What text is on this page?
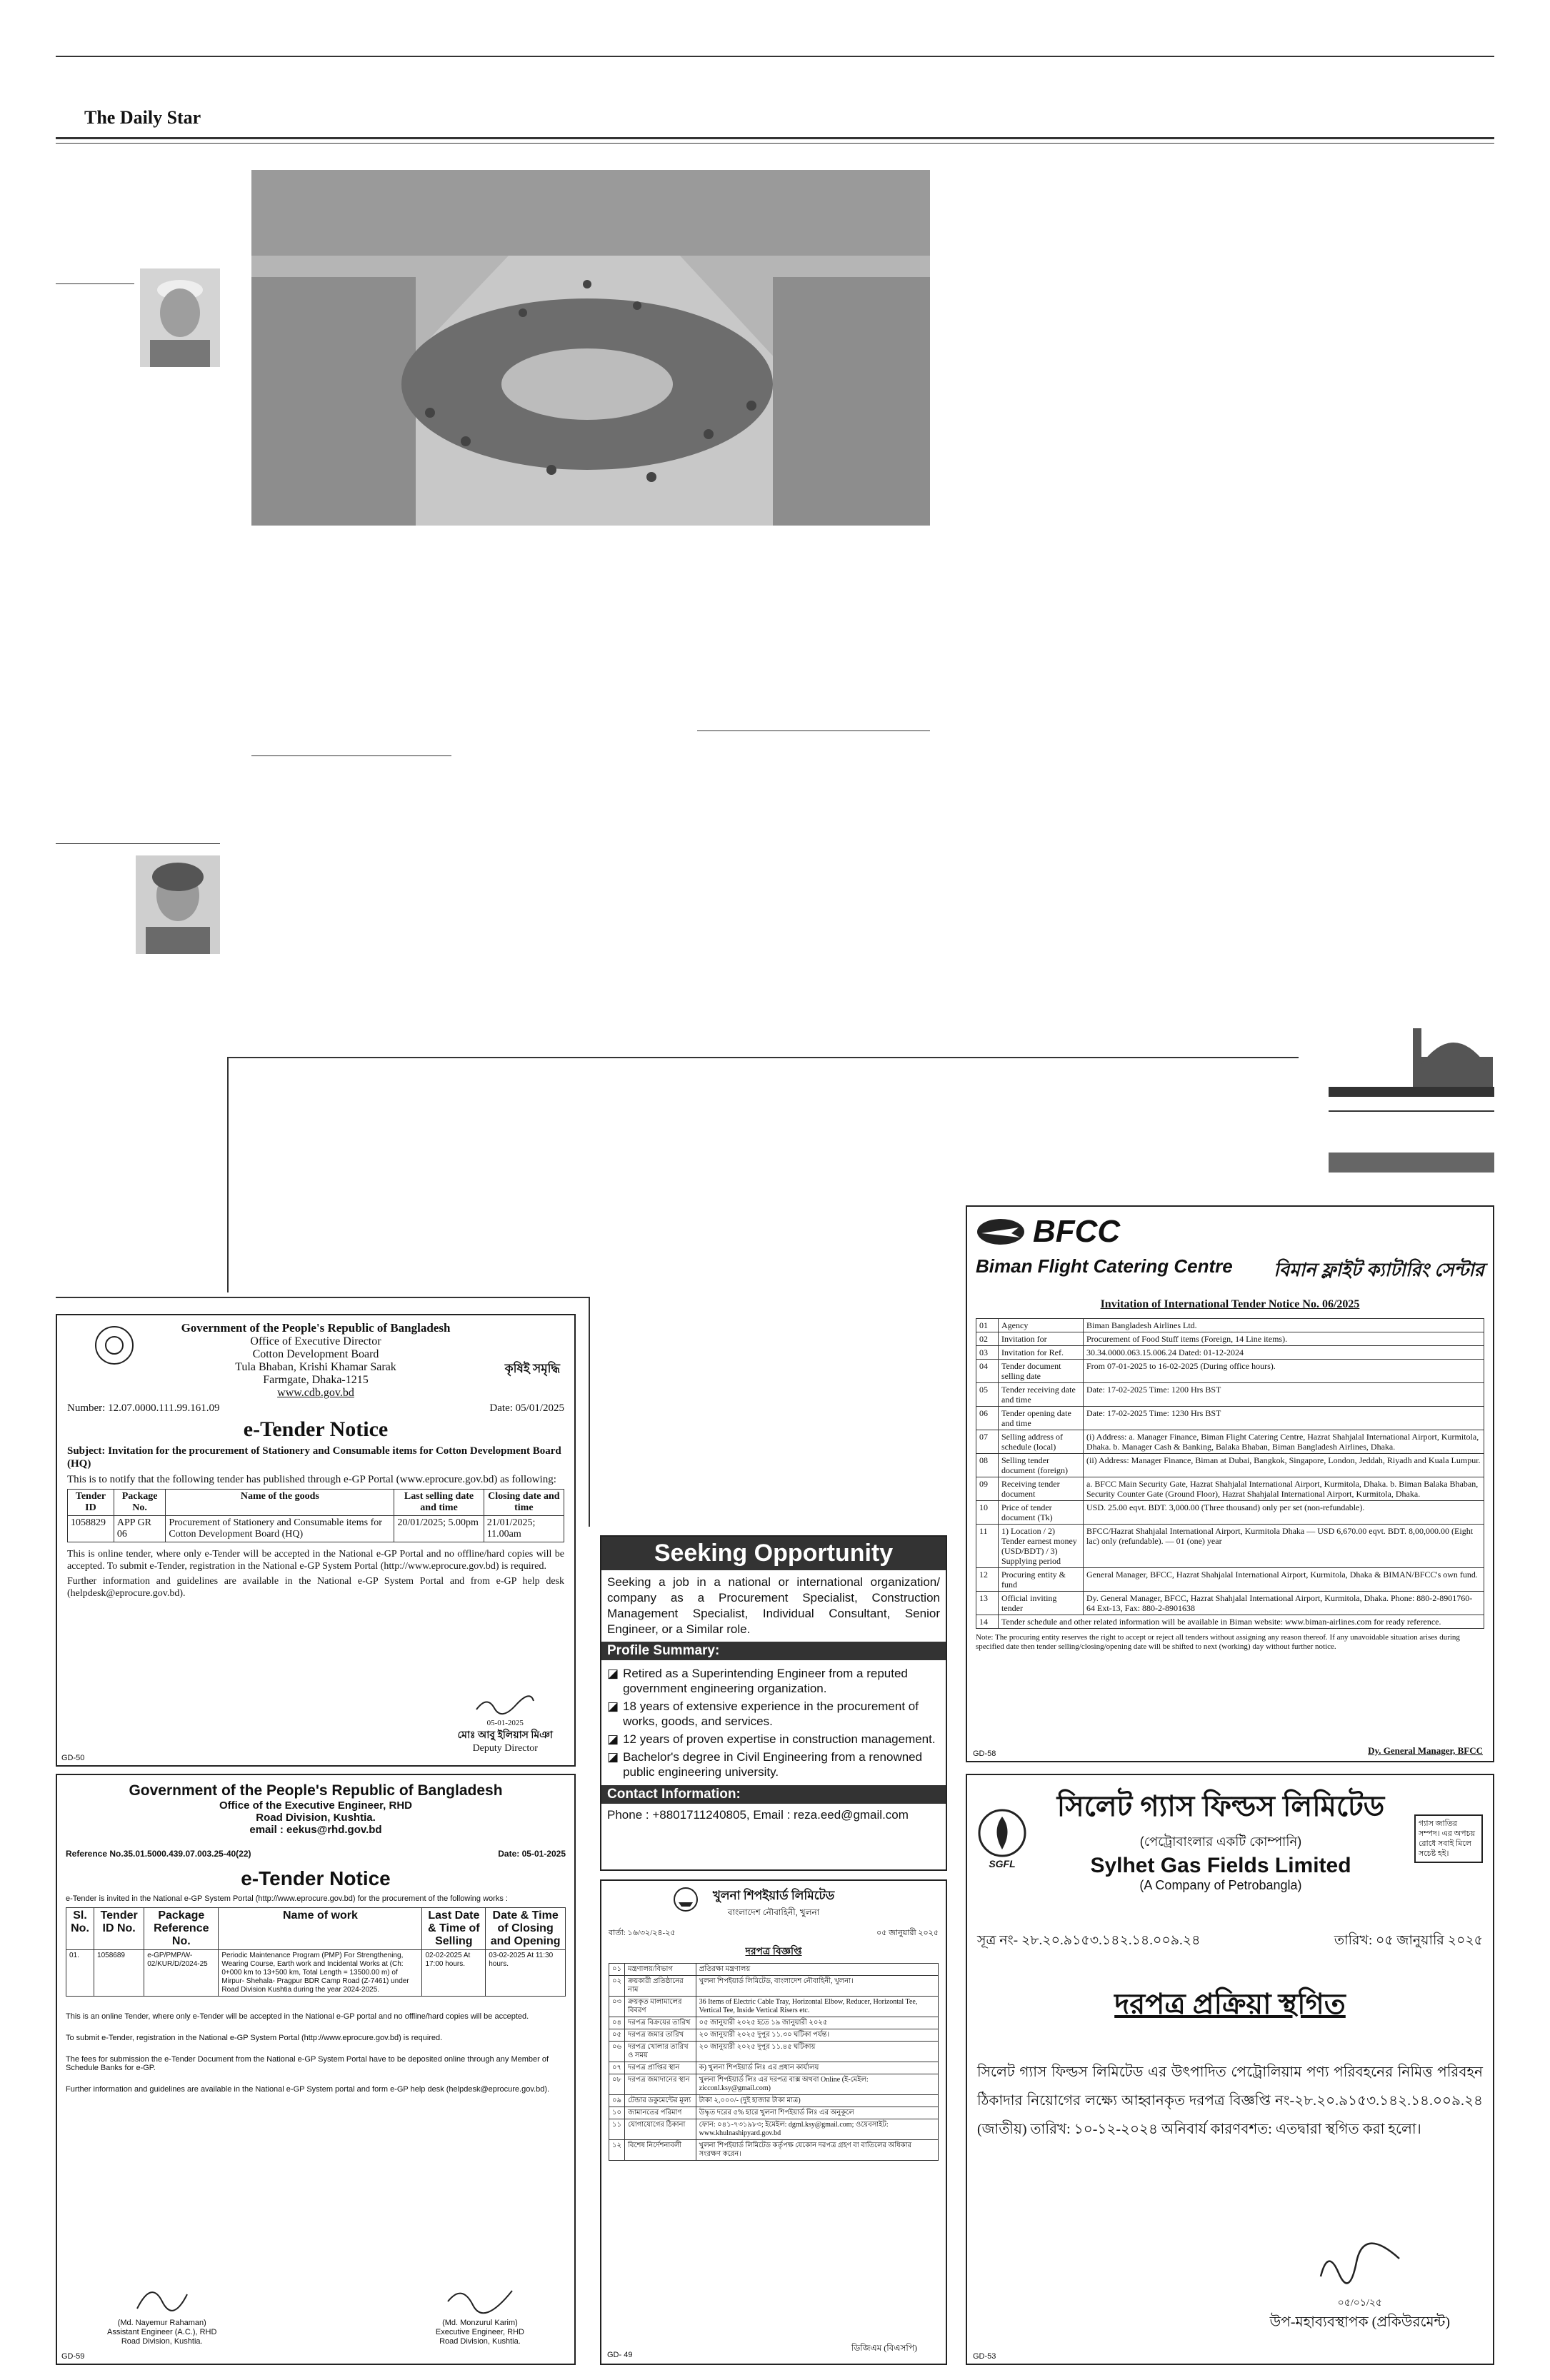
The Daily Star
BFCC
Biman Flight Catering Centre বিমান ফ্লাইট ক্যাটারিং সেন্টার
Invitation of International Tender Notice No. 06/2025
01	Agency	Biman Bangladesh Airlines Ltd.
02	Invitation for	Procurement of Food Stuff items (Foreign, 14 Line items).
03	Invitation for Ref.	30.34.0000.063.15.006.24 Dated: 01-12-2024
04	Tender document selling date	From 07-01-2025 to 16-02-2025 (During office hours).
05	Tender receiving date and time	Date: 17-02-2025 Time: 1200 Hrs BST
06	Tender opening date and time	Date: 17-02-2025 Time: 1230 Hrs BST
07	Selling address of schedule (local)	(i) Address: a. Manager Finance, Biman Flight Catering Centre, Hazrat Shahjalal International Airport, Kurmitola, Dhaka. b. Manager Cash & Banking, Balaka Bhaban, Biman Bangladesh Airlines, Dhaka.
08	Selling tender document (foreign)	(ii) Address: Manager Finance, Biman at Dubai, Bangkok, Singapore, London, Jeddah, Riyadh and Kuala Lumpur.
09	Receiving tender document	a. BFCC Main Security Gate, Hazrat Shahjalal International Airport, Kurmitola, Dhaka. b. Biman Balaka Bhaban, Security Counter Gate (Ground Floor), Hazrat Shahjalal International Airport, Kurmitola, Dhaka.
10	Price of tender document (Tk)	USD. 25.00 eqvt. BDT. 3,000.00 (Three thousand) only per set (non-refundable).
11	1) Location / 2) Tender earnest money (USD/BDT) / 3) Supplying period	BFCC/Hazrat Shahjalal International Airport, Kurmitola Dhaka — USD 6,670.00 eqvt. BDT. 8,00,000.00 (Eight lac) only (refundable). — 01 (one) year
12	Procuring entity & fund	General Manager, BFCC, Hazrat Shahjalal International Airport, Kurmitola, Dhaka & BIMAN/BFCC's own fund.
13	Official inviting tender	Dy. General Manager, BFCC, Hazrat Shahjalal International Airport, Kurmitola, Dhaka. Phone: 880-2-8901760-64 Ext-13, Fax: 880-2-8901638
14	Tender schedule and other related information will be available in Biman website: www.biman-airlines.com for ready reference.	
Note: The procuring entity reserves the right to accept or reject all tenders without assigning any reason thereof. If any unavoidable situation arises during specified date then tender selling/closing/opening date will be shifted to next (working) day without further notice.
Dy. General Manager, BFCC
GD-58
Government of the People's Republic of Bangladesh
Office of Executive Director
Cotton Development Board
Tula Bhaban, Krishi Khamar Sarak
Farmgate, Dhaka-1215
www.cdb.gov.bd
কৃষিই সমৃদ্ধি
Number: 12.07.0000.111.99.161.09	Date: 05/01/2025
e-Tender Notice
Subject: Invitation for the procurement of Stationery and Consumable items for Cotton Development Board (HQ)
This is to notify that the following tender has published through e-GP Portal (www.eprocure.gov.bd) as following:
Tender ID	Package No.	Name of the goods	Last selling date and time	Closing date and time
1058829	APP GR 06	Procurement of Stationery and Consumable items for Cotton Development Board (HQ)	20/01/2025; 5.00pm	21/01/2025; 11.00am
This is online tender, where only e-Tender will be accepted in the National e-GP Portal and no offline/hard copies will be accepted. To submit e-Tender, registration in the National e-GP System Portal (http://www.eprocure.gov.bd) is required.
Further information and guidelines are available in the National e-GP System Portal and from e-GP help desk (helpdesk@eprocure.gov.bd).
05-01-2025
মোঃ আবু ইলিয়াস মিঞা
Deputy Director
GD-50
Government of the People's Republic of Bangladesh
Office of the Executive Engineer, RHD
Road Division, Kushtia.
email : eekus@rhd.gov.bd
Reference No.35.01.5000.439.07.003.25-40(22)	Date: 05-01-2025
e-Tender Notice
e-Tender is invited in the National e-GP System Portal (http://www.eprocure.gov.bd) for the procurement of the following works :
Sl. No.	Tender ID No.	Package Reference No.	Name of work	Last Date & Time of Selling	Date & Time of Closing and Opening
01.	1058689	e-GP/PMP/W-02/KUR/D/2024-25	Periodic Maintenance Program (PMP) For Strengthening, Wearing Course, Earth work and Incidental Works at (Ch: 0+000 km to 13+500 km, Total Length = 13500.00 m) of Mirpur- Shehala- Pragpur BDR Camp Road (Z-7461) under Road Division Kushtia during the year 2024-2025.	02-02-2025 At 17:00 hours.	03-02-2025 At 11:30 hours.
This is an online Tender, where only e-Tender will be accepted in the National e-GP portal and no offline/hard copies will be accepted.
To submit e-Tender, registration in the National e-GP System Portal (http://www.eprocure.gov.bd) is required.
The fees for submission the e-Tender Document from the National e-GP System Portal have to be deposited online through any Member of Schedule Banks for e-GP.
Further information and guidelines are available in the National e-GP System portal and form e-GP help desk (helpdesk@eprocure.gov.bd).
(Md. Nayemur Rahaman)
Assistant Engineer (A.C.), RHD
Road Division, Kushtia.
(Md. Monzurul Karim)
Executive Engineer, RHD
Road Division, Kushtia.
GD-59
Seeking Opportunity
Seeking a job in a national or international organization/ company as a Procurement Specialist, Construction Management Specialist, Individual Consultant, Senior Engineer, or a Similar role.
Profile Summary:
◪ Retired as a Superintending Engineer from a reputed government engineering organization.
◪ 18 years of extensive experience in the procurement of works, goods, and services.
◪ 12 years of proven expertise in construction management.
◪ Bachelor's degree in Civil Engineering from a renowned public engineering university.
Contact Information:
Phone : +8801711240805, Email : reza.eed@gmail.com
খুলনা শিপইয়ার্ড লিমিটেড
বাংলাদেশ নৌবাহিনী, খুলনা
বার্তা: ১৬/৩২/২৪-২৫	০৫ জানুয়ারী ২০২৫
দরপত্র বিজ্ঞপ্তি
০১	মন্ত্রণালয়/বিভাগ	প্রতিরক্ষা মন্ত্রণালয়
০২	ক্রয়কারী প্রতিষ্ঠানের নাম	খুলনা শিপইয়ার্ড লিমিটেড, বাংলাদেশ নৌবাহিনী, খুলনা।
০৩	ক্রয়কৃত মালামালের বিবরণ	36 Items of Electric Cable Tray, Horizontal Elbow, Reducer, Horizontal Tee, Vertical Tee, Inside Vertical Risers etc.
০৪	দরপত্র বিক্রয়ের তারিখ	০৫ জানুয়ারী ২০২৫ হতে ১৯ জানুয়ারী ২০২৫
০৫	দরপত্র জমার তারিখ	২০ জানুয়ারী ২০২৫ দুপুর ১১.৩০ ঘটিকা পর্যন্ত।
০৬	দরপত্র খোলার তারিখ ও সময়	২০ জানুয়ারী ২০২৫ দুপুর ১১.৪৫ ঘটিকায়
০৭	দরপত্র প্রাপ্তির স্থান	ক) খুলনা শিপইয়ার্ড লিঃ এর প্রধান কার্যালয়
০৮	দরপত্র জমাদানের স্থান	খুলনা শিপইয়ার্ড লিঃ এর দরপত্র বাক্স অথবা Online (ই-মেইল: zicconl.ksy@gmail.com)
০৯	টেন্ডার ডকুমেন্টের মূল্য	টাকা ২,০০০/- (দুই হাজার টাকা মাত্র)
১০	জামানতের পরিমাণ	উদ্ধৃত দরের ৫% হারে খুলনা শিপইয়ার্ড লিঃ এর অনুকূলে
১১	যোগাযোগের ঠিকানা	ফোন: ০৪১-৭৩১৯৮৩; ইমেইল: dgml.ksy@gmail.com; ওয়েবসাইট: www.khulnashipyard.gov.bd
১২	বিশেষ নির্দেশনাবলী	খুলনা শিপইয়ার্ড লিমিটেড কর্তৃপক্ষ যেকোন দরপত্র গ্রহণ বা বাতিলের অধিকার সংরক্ষণ করেন।
ডিজিএম (বিএসপি)
GD- 49
SGFL
সিলেট গ্যাস ফিল্ডস লিমিটেড
(পেট্রোবাংলার একটি কোম্পানি)
Sylhet Gas Fields Limited
(A Company of Petrobangla)
গ্যাস জাতির সম্পদ। এর অপচয় রোধে সবাই মিলে সচেষ্ট হই।
সূত্র নং- ২৮.২০.৯১৫৩.১৪২.১৪.০০৯.২৪	তারিখ: ০৫ জানুয়ারি ২০২৫
দরপত্র প্রক্রিয়া স্থগিত
সিলেট গ্যাস ফিল্ডস লিমিটেড এর উৎপাদিত পেট্রোলিয়াম পণ্য পরিবহনের নিমিত্ত পরিবহন ঠিকাদার নিয়োগের লক্ষ্যে আহ্বানকৃত দরপত্র বিজ্ঞপ্তি নং-২৮.২০.৯১৫৩.১৪২.১৪.০০৯.২৪ (জাতীয়) তারিখ: ১০-১২-২০২৪ অনিবার্য কারণবশত: এতদ্বারা স্থগিত করা হলো।
০৫/০১/২৫
উপ-মহাব্যবস্থাপক (প্রকিউরমেন্ট)
GD-53
